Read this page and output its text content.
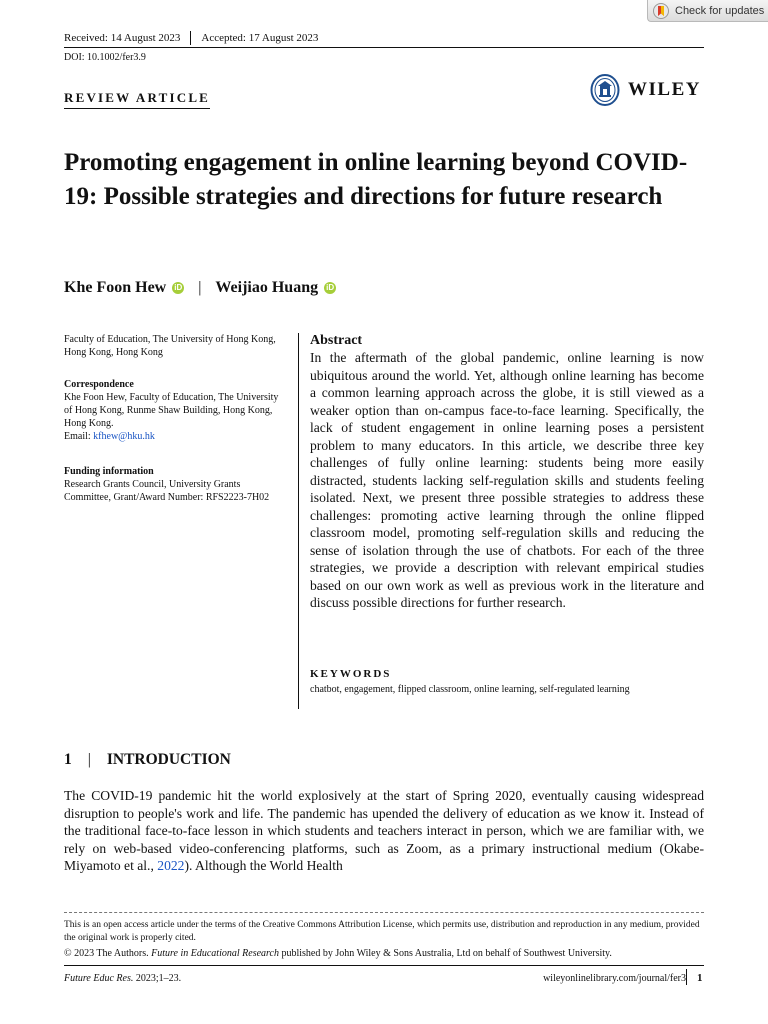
Check for updates
Received: 14 August 2023 Accepted: 17 August 2023
DOI: 10.1002/fer3.9
REVIEW ARTICLE	WILEY
Promoting engagement in online learning beyond COVID-19: Possible strategies and directions for future research
Khe Foon Hew iD | Weijiao Huang iD
Faculty of Education, The University of Hong Kong, Hong Kong, Hong Kong
Correspondence
Khe Foon Hew, Faculty of Education, The University of Hong Kong, Runme Shaw Building, Hong Kong, Hong Kong.
Email: kfhew@hku.hk
Funding information
Research Grants Council, University Grants Committee, Grant/Award Number: RFS2223-7H02
Abstract

In the aftermath of the global pandemic, online learning is now ubiquitous around the world. Yet, although online learning has become a common learning approach across the globe, it is still viewed as a weaker option than on-campus face-to-face learning. Specifically, the lack of student engagement in online learning poses a persistent problem to many educators. In this article, we describe three key challenges of fully online learning: students being more easily distracted, students lacking self-regulation skills and students feeling isolated. Next, we present three possible strategies to address these challenges: promoting active learning through the online flipped classroom model, promoting self-regulation skills and reducing the sense of isolation through the use of chatbots. For each of the three strategies, we provide a description with relevant empirical studies based on our own work as well as previous work in the literature and discuss possible directions for further research.

KEYWORDS
chatbot, engagement, flipped classroom, online learning, self-regulated learning
1 | INTRODUCTION

The COVID-19 pandemic hit the world explosively at the start of Spring 2020, eventually causing widespread disruption to people's work and life. The pandemic has upended the delivery of education as we know it. Instead of the traditional face-to-face lesson in which students and teachers interact in person, which we are familiar with, we rely on web-based video-conferencing platforms, such as Zoom, as a primary instructional medium (Okabe-Miyamoto et al., 2022). Although the World Health

This is an open access article under the terms of the Creative Commons Attribution License, which permits use, distribution and reproduction in any medium, provided the original work is properly cited.
© 2023 The Authors. Future in Educational Research published by John Wiley & Sons Australia, Ltd on behalf of Southwest University.
Future Educ Res. 2023;1–23.	wileyonlinelibrary.com/journal/fer3 1
